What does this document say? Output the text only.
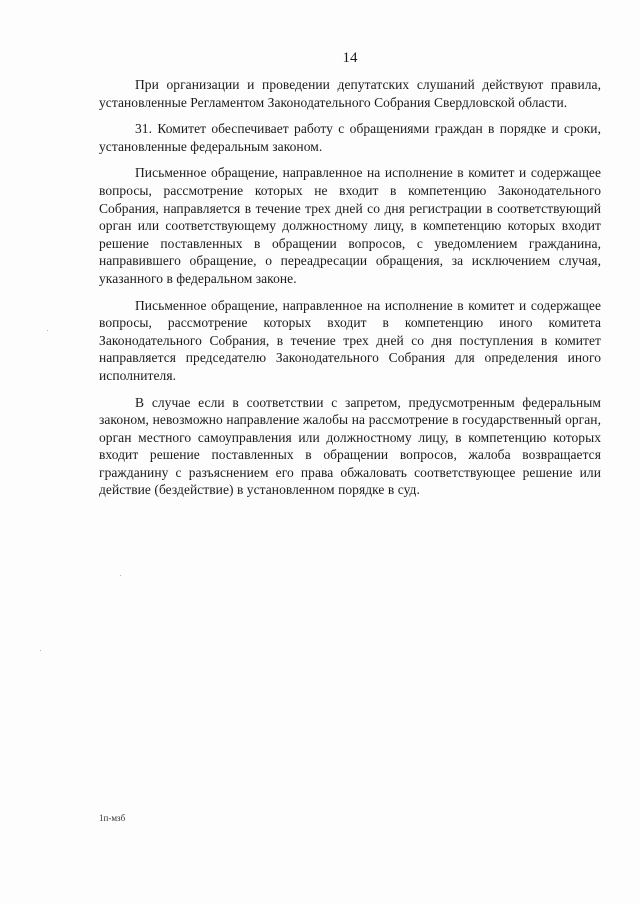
14

При организации и проведении депутатских слушаний действуют правила, установленные Регламентом Законодательного Собрания Свердловской области.

31. Комитет обеспечивает работу с обращениями граждан в порядке и сроки, установленные федеральным законом.

Письменное обращение, направленное на исполнение в комитет и содержащее вопросы, рассмотрение которых не входит в компетенцию Законодательного Собрания, направляется в течение трех дней со дня регистрации в соответствующий орган или соответствующему должностному лицу, в компетенцию которых входит решение поставленных в обращении вопросов, с уведомлением гражданина, направившего обращение, о переадресации обращения, за исключением случая, указанного в федеральном законе.

Письменное обращение, направленное на исполнение в комитет и содержащее вопросы, рассмотрение которых входит в компетенцию иного комитета Законодательного Собрания, в течение трех дней со дня поступления в комитет направляется председателю Законодательного Собрания для определения иного исполнителя.

В случае если в соответствии с запретом, предусмотренным федеральным законом, невозможно направление жалобы на рассмотрение в государственный орган, орган местного самоуправления или должностному лицу, в компетенцию которых входит решение поставленных в обращении вопросов, жалоба возвращается гражданину с разъяснением его права обжаловать соответствующее решение или действие (бездействие) в установленном порядке в суд.

1п-мзб
